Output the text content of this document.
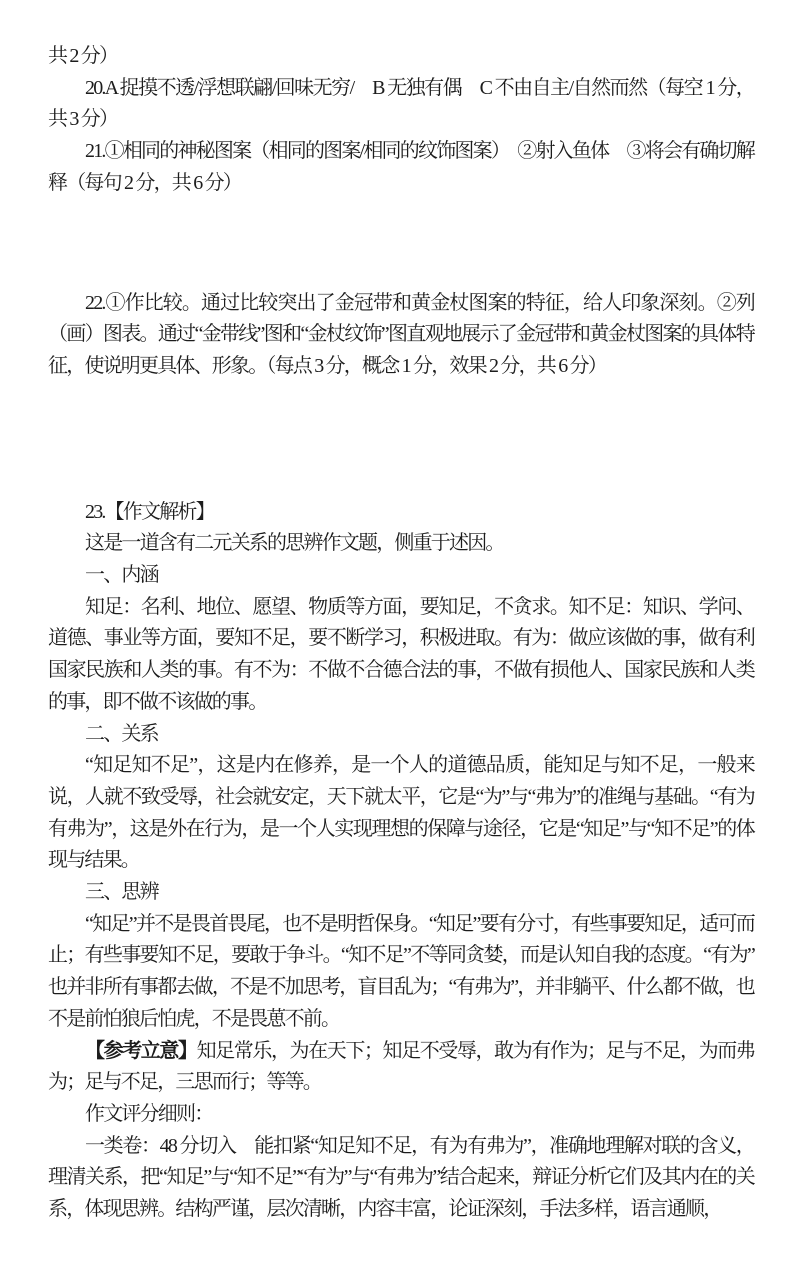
共 2 分）

20.A 捉摸不透/浮想联翩/回味无穷/　B 无独有偶　C 不由自主/自然而然（每空 1 分，共 3 分）

21.①相同的神秘图案（相同的图案/相同的纹饰图案）　②射入鱼体　③将会有确切解释（每句 2 分，共 6 分）

22.①作比较。通过比较突出了金冠带和黄金杖图案的特征，给人印象深刻。②列（画）图表。通过“金带线”图和“金杖纹饰”图直观地展示了金冠带和黄金杖图案的具体特征，使说明更具体、形象。（每点 3 分，概念 1 分，效果 2 分，共 6 分）

23.【作文解析】

这是一道含有二元关系的思辨作文题，侧重于述因。

一、内涵

知足：名利、地位、愿望、物质等方面，要知足，不贪求。知不足：知识、学问、道德、事业等方面，要知不足，要不断学习，积极进取。有为：做应该做的事，做有利国家民族和人类的事。有不为：不做不合德合法的事，不做有损他人、国家民族和人类的事，即不做不该做的事。

二、关系

“知足知不足”，这是内在修养，是一个人的道德品质，能知足与知不足，一般来说，人就不致受辱，社会就安定，天下就太平，它是“为”与“弗为”的准绳与基础。“有为有弗为”，这是外在行为，是一个人实现理想的保障与途径，它是“知足”与“知不足”的体现与结果。

三、思辨

“知足”并不是畏首畏尾，也不是明哲保身。“知足”要有分寸，有些事要知足，适可而止；有些事要知不足，要敢于争斗。“知不足”不等同贪婪，而是认知自我的态度。“有为”也并非所有事都去做，不是不加思考，盲目乱为；“有弗为”，并非躺平、什么都不做，也不是前怕狼后怕虎，不是畏葸不前。

【参考立意】知足常乐，为在天下；知足不受辱，敢为有作为；足与不足，为而弗为；足与不足，三思而行；等等。

作文评分细则：

一类卷：48 分切入　能扣紧“知足知不足，有为有弗为”，准确地理解对联的含义，理清关系，把“知足”与“知不足”“有为”与“有弗为”结合起来，辩证分析它们及其内在的关系，体现思辨。结构严谨，层次清晰，内容丰富，论证深刻，手法多样，语言通顺，
